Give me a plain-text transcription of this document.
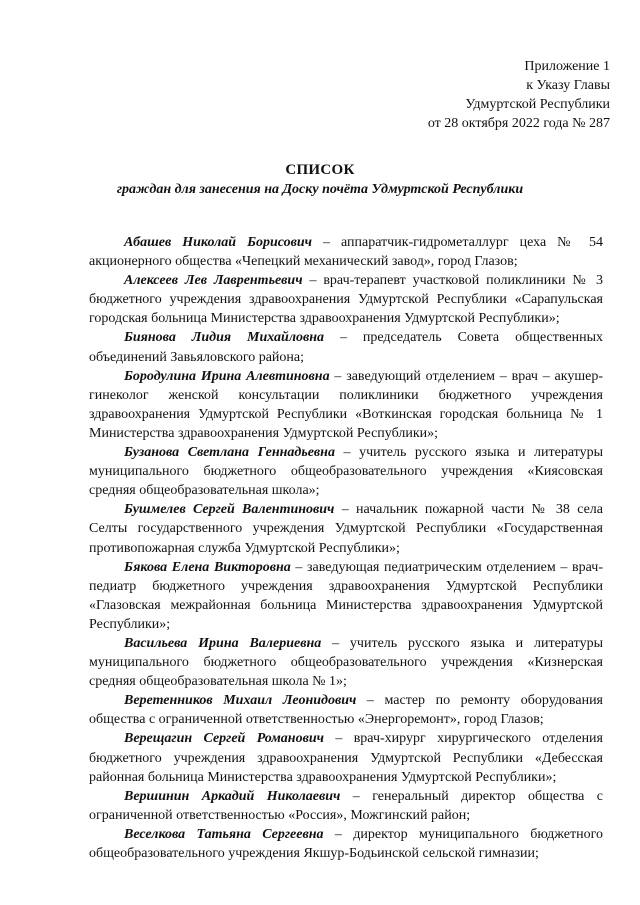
Приложение 1
к Указу Главы
Удмуртской Республики
от 28 октября 2022 года № 287
СПИСОК
граждан для занесения на Доску почёта Удмуртской Республики

Абашев Николай Борисович – аппаратчик-гидрометаллург цеха № 54 акционерного общества «Чепецкий механический завод», город Глазов;

Алексеев Лев Лаврентьевич – врач-терапевт участковой поликлиники № 3 бюджетного учреждения здравоохранения Удмуртской Республики «Сарапульская городская больница Министерства здравоохранения Удмуртской Республики»;

Биянова Лидия Михайловна – председатель Совета общественных объединений Завьяловского района;

Бородулина Ирина Алевтиновна – заведующий отделением – врач – акушер-гинеколог женской консультации поликлиники бюджетного учреждения здравоохранения Удмуртской Республики «Воткинская городская больница № 1 Министерства здравоохранения Удмуртской Республики»;

Бузанова Светлана Геннадьевна – учитель русского языка и литературы муниципального бюджетного общеобразовательного учреждения «Киясовская средняя общеобразовательная школа»;

Бушмелев Сергей Валентинович – начальник пожарной части № 38 села Селты государственного учреждения Удмуртской Республики «Государственная противопожарная служба Удмуртской Республики»;

Бякова Елена Викторовна – заведующая педиатрическим отделением – врач-педиатр бюджетного учреждения здравоохранения Удмуртской Республики «Глазовская межрайонная больница Министерства здравоохранения Удмуртской Республики»;

Васильева Ирина Валериевна – учитель русского языка и литературы муниципального бюджетного общеобразовательного учреждения «Кизнерская средняя общеобразовательная школа № 1»;

Веретенников Михаил Леонидович – мастер по ремонту оборудования общества с ограниченной ответственностью «Энергоремонт», город Глазов;

Верещагин Сергей Романович – врач-хирург хирургического отделения бюджетного учреждения здравоохранения Удмуртской Республики «Дебесская районная больница Министерства здравоохранения Удмуртской Республики»;

Вершинин Аркадий Николаевич – генеральный директор общества с ограниченной ответственностью «Россия», Можгинский район;

Веселкова Татьяна Сергеевна – директор муниципального бюджетного общеобразовательного учреждения Якшур-Бодьинской сельской гимназии;
